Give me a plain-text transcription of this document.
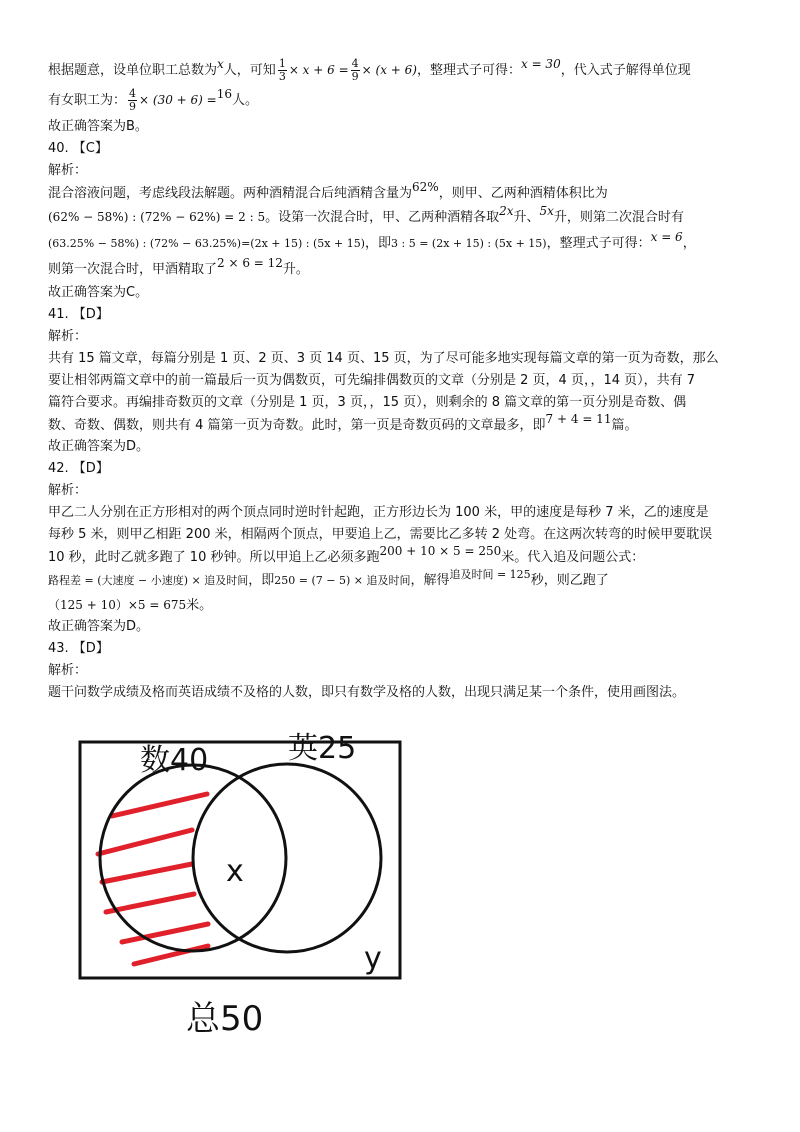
根据题意，设单位职工总数为x人，可知 $\frac{1}{3} \times x + 6 = \frac{4}{9} \times (x + 6)$，整理式子可得：x = 30，代入式子解得单位现
有女职工为： $\frac{4}{9} \times (30 + 6) =16$人。
故正确答案为B。
40. 【C】
解析：
混合溶液问题，考虑线段法解题。两种酒精混合后纯酒精含量为62%，则甲、乙两种酒精体积比为
(62% − 58%) : (72% − 62%) = 2 : 5。设第一次混合时，甲、乙两种酒精各取2x升、5x升，则第二次混合时有
(63.25% − 58%) : (72% − 63.25%)=(2x + 15) : (5x + 15)，即3 : 5 = (2x + 15) : (5x + 15)，整理式子可得：x = 6，
则第一次混合时，甲酒精取了2 × 6 = 12升。
故正确答案为C。
41. 【D】
解析：
共有 15 篇文章，每篇分别是 1 页、2 页、3 页 14 页、15 页，为了尽可能多地实现每篇文章的第一页为奇数，那么
要让相邻两篇文章中的前一篇最后一页为偶数页，可先编排偶数页的文章（分别是 2 页，4 页，，14 页），共有 7
篇符合要求。再编排奇数页的文章（分别是 1 页，3 页，，15 页），则剩余的 8 篇文章的第一页分别是奇数、偶
数、奇数、偶数，则共有 4 篇第一页为奇数。此时，第一页是奇数页码的文章最多，即7 + 4 = 11篇。
故正确答案为D。
42. 【D】
解析：
甲乙二人分别在正方形相对的两个顶点同时逆时针起跑，正方形边长为 100 米，甲的速度是每秒 7 米，乙的速度是
每秒 5 米，则甲乙相距 200 米，相隔两个顶点，甲要追上乙，需要比乙多转 2 处弯。在这两次转弯的时候甲要耽误
10 秒，此时乙就多跑了 10 秒钟。所以甲追上乙必须多跑200 + 10 × 5 = 250米。代入追及问题公式：
路程差 = (大速度 − 小速度) × 追及时间，即250 = (7 − 5) × 追及时间，解得$^{追及时间 = 125}$秒，则乙跑了
（125 + 10）×5 = 675米。
故正确答案为D。
43. 【D】
解析：
题干问数学成绩及格而英语成绩不及格的人数，即只有数学及格的人数，出现只满足某一个条件，使用画图法。
数40	英25
x
y
总50
